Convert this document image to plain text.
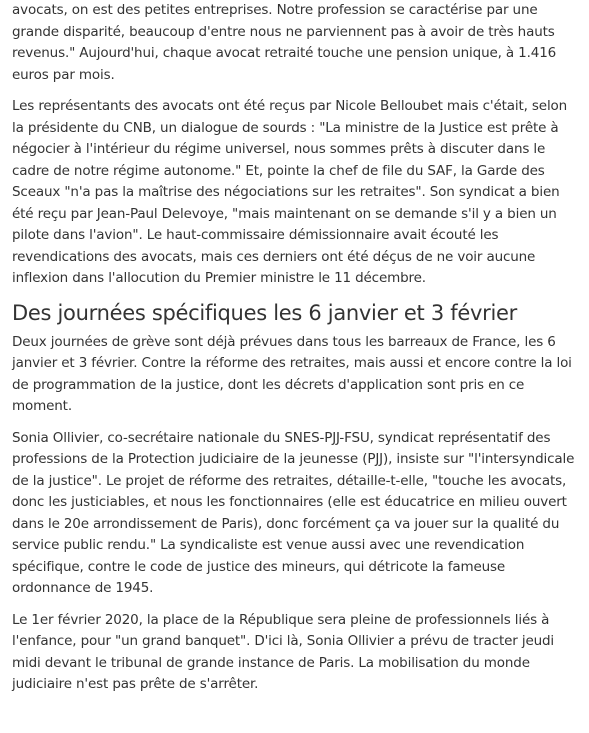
avocats, on est des petites entreprises. Notre profession se caractérise par une grande disparité, beaucoup d'entre nous ne parviennent pas à avoir de très hauts revenus." Aujourd'hui, chaque avocat retraité touche une pension unique, à 1.416 euros par mois.

Les représentants des avocats ont été reçus par Nicole Belloubet mais c'était, selon la présidente du CNB, un dialogue de sourds : "La ministre de la Justice est prête à négocier à l'intérieur du régime universel, nous sommes prêts à discuter dans le cadre de notre régime autonome." Et, pointe la chef de file du SAF, la Garde des Sceaux "n'a pas la maîtrise des négociations sur les retraites". Son syndicat a bien été reçu par Jean-Paul Delevoye, "mais maintenant on se demande s'il y a bien un pilote dans l'avion". Le haut-commissaire démissionnaire avait écouté les revendications des avocats, mais ces derniers ont été déçus de ne voir aucune inflexion dans l'allocution du Premier ministre le 11 décembre.

Des journées spécifiques les 6 janvier et 3 février

Deux journées de grève sont déjà prévues dans tous les barreaux de France, les 6 janvier et 3 février. Contre la réforme des retraites, mais aussi et encore contre la loi de programmation de la justice, dont les décrets d'application sont pris en ce moment.

Sonia Ollivier, co-secrétaire nationale du SNES-PJJ-FSU, syndicat représentatif des professions de la Protection judiciaire de la jeunesse (PJJ), insiste sur "l'intersyndicale de la justice". Le projet de réforme des retraites, détaille-t-elle, "touche les avocats, donc les justiciables, et nous les fonctionnaires (elle est éducatrice en milieu ouvert dans le 20e arrondissement de Paris), donc forcément ça va jouer sur la qualité du service public rendu." La syndicaliste est venue aussi avec une revendication spécifique, contre le code de justice des mineurs, qui détricote la fameuse ordonnance de 1945.

Le 1er février 2020, la place de la République sera pleine de professionnels liés à l'enfance, pour "un grand banquet". D'ici là, Sonia Ollivier a prévu de tracter jeudi midi devant le tribunal de grande instance de Paris. La mobilisation du monde judiciaire n'est pas prête de s'arrêter.
